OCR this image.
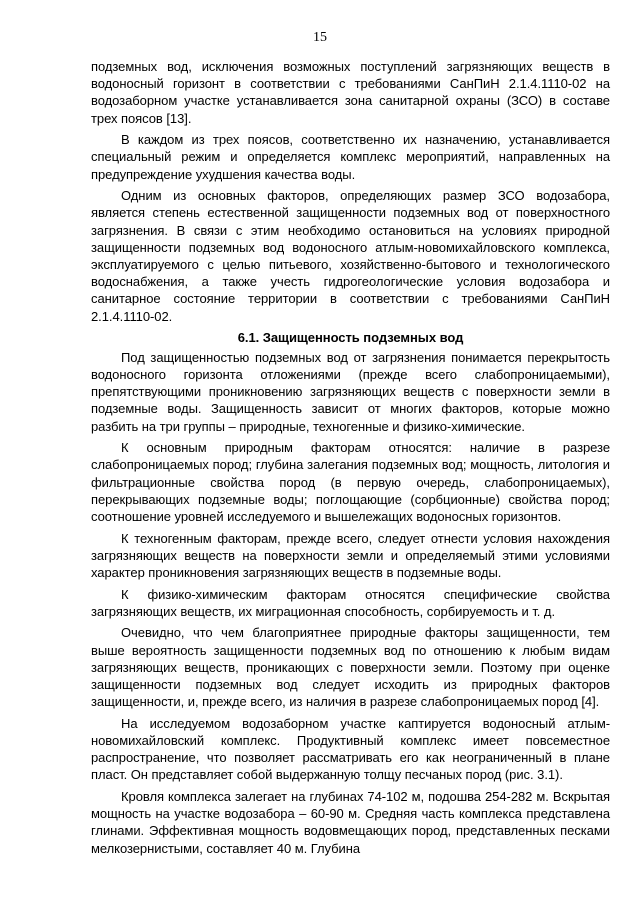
15

подземных вод, исключения возможных поступлений загрязняющих веществ в водоносный горизонт в соответствии с требованиями СанПиН 2.1.4.1110-02 на водозаборном участке устанавливается зона санитарной охраны (ЗСО) в составе трех поясов [13].

В каждом из трех поясов, соответственно их назначению, устанавливается специальный режим и определяется комплекс мероприятий, направленных на предупреждение ухудшения качества воды.

Одним из основных факторов, определяющих размер ЗСО водозабора, является степень естественной защищенности подземных вод от поверхностного загрязнения. В связи с этим необходимо остановиться на условиях природной защищенности подземных вод водоносного атлым-новомихайловского комплекса, эксплуатируемого с целью питьевого, хозяйственно-бытового и технологического водоснабжения, а также учесть гидрогеологические условия водозабора и санитарное состояние территории в соответствии с требованиями СанПиН 2.1.4.1110-02.

6.1. Защищенность подземных вод

Под защищенностью подземных вод от загрязнения понимается перекрытость водоносного горизонта отложениями (прежде всего слабопроницаемыми), препятствующими проникновению загрязняющих веществ с поверхности земли в подземные воды. Защищенность зависит от многих факторов, которые можно разбить на три группы – природные, техногенные и физико-химические.

К основным природным факторам относятся: наличие в разрезе слабопроницаемых пород; глубина залегания подземных вод; мощность, литология и фильтрационные свойства пород (в первую очередь, слабопроницаемых), перекрывающих подземные воды; поглощающие (сорбционные) свойства пород; соотношение уровней исследуемого и вышележащих водоносных горизонтов.

К техногенным факторам, прежде всего, следует отнести условия нахождения загрязняющих веществ на поверхности земли и определяемый этими условиями характер проникновения загрязняющих веществ в подземные воды.

К физико-химическим факторам относятся специфические свойства загрязняющих веществ, их миграционная способность, сорбируемость и т. д.

Очевидно, что чем благоприятнее природные факторы защищенности, тем выше вероятность защищенности подземных вод по отношению к любым видам загрязняющих веществ, проникающих с поверхности земли. Поэтому при оценке защищенности подземных вод следует исходить из природных факторов защищенности, и, прежде всего, из наличия в разрезе слабопроницаемых пород [4].

На исследуемом водозаборном участке каптируется водоносный атлым-новомихайловский комплекс. Продуктивный комплекс имеет повсеместное распространение, что позволяет рассматривать его как неограниченный в плане пласт. Он представляет собой выдержанную толщу песчаных пород (рис. 3.1).

Кровля комплекса залегает на глубинах 74-102 м, подошва 254-282 м. Вскрытая мощность на участке водозабора – 60-90 м. Средняя часть комплекса представлена глинами. Эффективная мощность водовмещающих пород, представленных песками мелкозернистыми, составляет 40 м. Глубина
